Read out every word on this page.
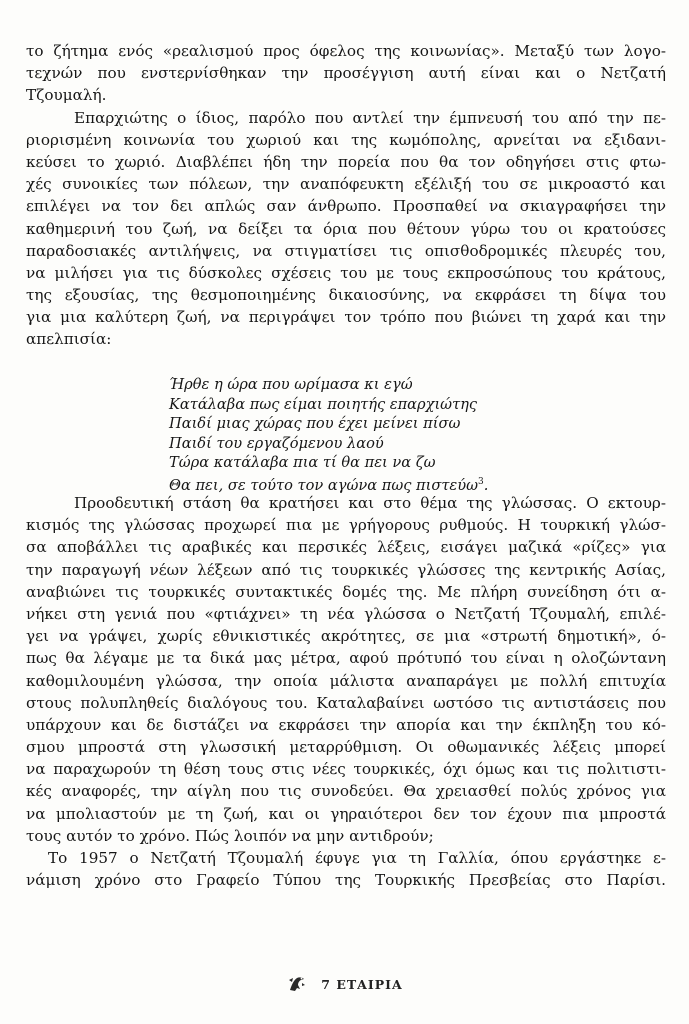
το ζήτημα ενός «ρεαλισμού προς όφελος της κοινωνίας». Μεταξύ των λογο-
τεχνών που ενστερνίσθηκαν την προσέγγιση αυτή είναι και ο Νετζατή
Τζουμαλή.

Επαρχιώτης ο ίδιος, παρόλο που αντλεί την έμπνευσή του από την πε-
ριορισμένη κοινωνία του χωριού και της κωμόπολης, αρνείται να εξιδανι-
κεύσει το χωριό. Διαβλέπει ήδη την πορεία που θα τον οδηγήσει στις φτω-
χές συνοικίες των πόλεων, την αναπόφευκτη εξέλιξή του σε μικροαστό και
επιλέγει να τον δει απλώς σαν άνθρωπο. Προσπαθεί να σκιαγραφήσει την
καθημερινή του ζωή, να δείξει τα όρια που θέτουν γύρω του οι κρατούσες
παραδοσιακές αντιλήψεις, να στιγματίσει τις οπισθοδρομικές πλευρές του,
να μιλήσει για τις δύσκολες σχέσεις του με τους εκπροσώπους του κράτους,
της εξουσίας, της θεσμοποιημένης δικαιοσύνης, να εκφράσει τη δίψα του
για μια καλύτερη ζωή, να περιγράψει τον τρόπο που βιώνει τη χαρά και την
απελπισία:

Ήρθε η ώρα που ωρίμασα κι εγώ
Κατάλαβα πως είμαι ποιητής επαρχιώτης
Παιδί μιας χώρας που έχει μείνει πίσω
Παιδί του εργαζόμενου λαού
Τώρα κατάλαβα πια τί θα πει να ζω
Θα πει, σε τούτο τον αγώνα πως πιστεύω$^3$.

Προοδευτική στάση θα κρατήσει και στο θέμα της γλώσσας. Ο εκτουρ-
κισμός της γλώσσας προχωρεί πια με γρήγορους ρυθμούς. Η τουρκική γλώσ-
σα αποβάλλει τις αραβικές και περσικές λέξεις, εισάγει μαζικά «ρίζες» για
την παραγωγή νέων λέξεων από τις τουρκικές γλώσσες της κεντρικής Ασίας,
αναβιώνει τις τουρκικές συντακτικές δομές της. Με πλήρη συνείδηση ότι α-
νήκει στη γενιά που «φτιάχνει» τη νέα γλώσσα ο Νετζατή Τζουμαλή, επιλέ-
γει να γράψει, χωρίς εθνικιστικές ακρότητες, σε μια «στρωτή δημοτική», ό-
πως θα λέγαμε με τα δικά μας μέτρα, αφού πρότυπό του είναι η ολοζώντανη
καθομιλουμένη γλώσσα, την οποία μάλιστα αναπαράγει με πολλή επιτυχία
στους πολυπληθείς διαλόγους του. Καταλαβαίνει ωστόσο τις αντιστάσεις που
υπάρχουν και δε διστάζει να εκφράσει την απορία και την έκπληξη του κό-
σμου μπροστά στη γλωσσική μεταρρύθμιση. Οι οθωμανικές λέξεις μπορεί
να παραχωρούν τη θέση τους στις νέες τουρκικές, όχι όμως και τις πολιτιστι-
κές αναφορές, την αίγλη που τις συνοδεύει. Θα χρειασθεί πολύς χρόνος για
να μπολιαστούν με τη ζωή, και οι γηραιότεροι δεν τον έχουν πια μπροστά
τους αυτόν το χρόνο. Πώς λοιπόν να μην αντιδρούν;

Το 1957 ο Νετζατή Τζουμαλή έφυγε για τη Γαλλία, όπου εργάστηκε ε-
νάμιση χρόνο στο Γραφείο Τύπου της Τουρκικής Πρεσβείας στο Παρίσι.

7 ΕΤΑΙΡΙΑ
